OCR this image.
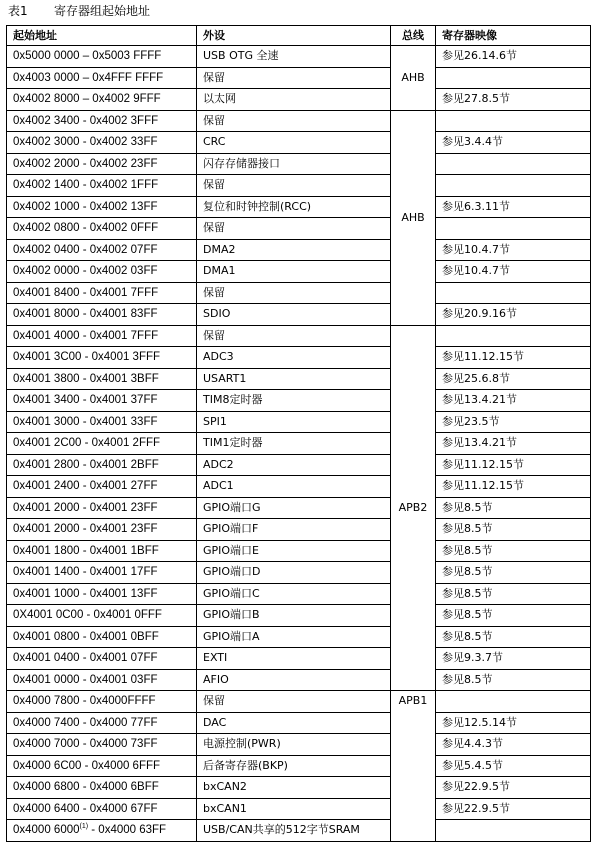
表1 寄存器组起始地址
起始地址	外设	总线	寄存器映像
0x5000 0000 – 0x5003 FFFF	USB OTG 全速	AHB	参见26.14.6节
0x4003 0000 – 0x4FFF FFFF	保留		
0x4002 8000 – 0x4002 9FFF	以太网		参见27.8.5节
0x4002 3400 - 0x4002 3FFF	保留	AHB	
0x4002 3000 - 0x4002 33FF	CRC		参见3.4.4节
0x4002 2000 - 0x4002 23FF	闪存存储器接口		
0x4002 1400 - 0x4002 1FFF	保留		
0x4002 1000 - 0x4002 13FF	复位和时钟控制(RCC)		参见6.3.11节
0x4002 0800 - 0x4002 0FFF	保留		
0x4002 0400 - 0x4002 07FF	DMA2		参见10.4.7节
0x4002 0000 - 0x4002 03FF	DMA1		参见10.4.7节
0x4001 8400 - 0x4001 7FFF	保留		
0x4001 8000 - 0x4001 83FF	SDIO		参见20.9.16节
0x4001 4000 - 0x4001 7FFF	保留	APB2	
0x4001 3C00 - 0x4001 3FFF	ADC3		参见11.12.15节
0x4001 3800 - 0x4001 3BFF	USART1		参见25.6.8节
0x4001 3400 - 0x4001 37FF	TIM8定时器		参见13.4.21节
0x4001 3000 - 0x4001 33FF	SPI1		参见23.5节
0x4001 2C00 - 0x4001 2FFF	TIM1定时器		参见13.4.21节
0x4001 2800 - 0x4001 2BFF	ADC2		参见11.12.15节
0x4001 2400 - 0x4001 27FF	ADC1		参见11.12.15节
0x4001 2000 - 0x4001 23FF	GPIO端口G		参见8.5节
0x4001 2000 - 0x4001 23FF	GPIO端口F		参见8.5节
0x4001 1800 - 0x4001 1BFF	GPIO端口E		参见8.5节
0x4001 1400 - 0x4001 17FF	GPIO端口D		参见8.5节
0x4001 1000 - 0x4001 13FF	GPIO端口C		参见8.5节
0X4001 0C00 - 0x4001 0FFF	GPIO端口B		参见8.5节
0x4001 0800 - 0x4001 0BFF	GPIO端口A		参见8.5节
0x4001 0400 - 0x4001 07FF	EXTI		参见9.3.7节
0x4001 0000 - 0x4001 03FF	AFIO		参见8.5节
0x4000 7800 - 0x4000FFFF	保留	APB1	
0x4000 7400 - 0x4000 77FF	DAC		参见12.5.14节
0x4000 7000 - 0x4000 73FF	电源控制(PWR)		参见4.4.3节
0x4000 6C00 - 0x4000 6FFF	后备寄存器(BKP)		参见5.4.5节
0x4000 6800 - 0x4000 6BFF	bxCAN2		参见22.9.5节
0x4000 6400 - 0x4000 67FF	bxCAN1		参见22.9.5节
0x4000 6000$^{(1)}$ - 0x4000 63FF	USB/CAN共享的512字节SRAM		
